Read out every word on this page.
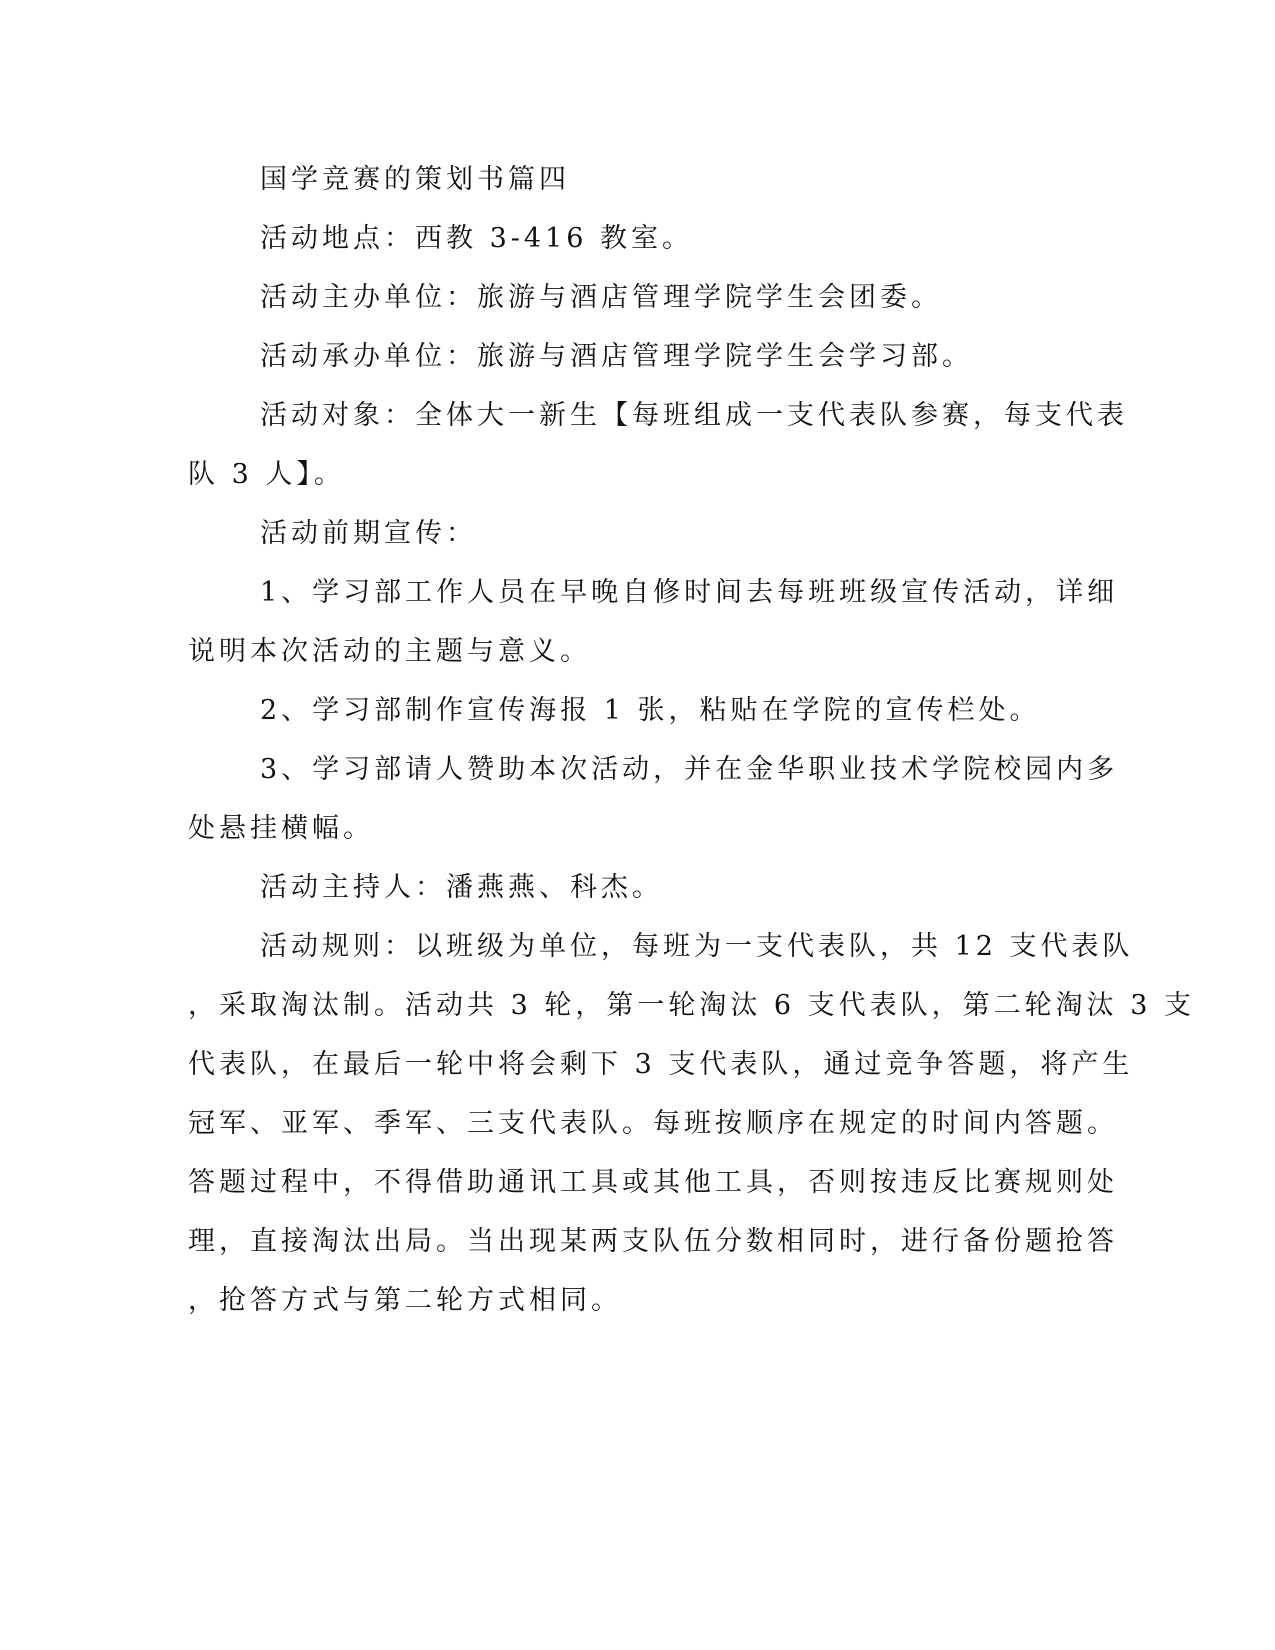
国学竞赛的策划书篇四
活动地点：西教 3-416 教室。
活动主办单位：旅游与酒店管理学院学生会团委。
活动承办单位：旅游与酒店管理学院学生会学习部。
活动对象：全体大一新生【每班组成一支代表队参赛，每支代表
队 3 人】。
活动前期宣传：
1、学习部工作人员在早晚自修时间去每班班级宣传活动，详细
说明本次活动的主题与意义。
2、学习部制作宣传海报 1 张，粘贴在学院的宣传栏处。
3、学习部请人赞助本次活动，并在金华职业技术学院校园内多
处悬挂横幅。
活动主持人：潘燕燕、科杰。
活动规则：以班级为单位，每班为一支代表队，共 12 支代表队
，采取淘汰制。活动共 3 轮，第一轮淘汰 6 支代表队，第二轮淘汰 3 支
代表队，在最后一轮中将会剩下 3 支代表队，通过竞争答题，将产生
冠军、亚军、季军、三支代表队。每班按顺序在规定的时间内答题。
答题过程中，不得借助通讯工具或其他工具，否则按违反比赛规则处
理，直接淘汰出局。当出现某两支队伍分数相同时，进行备份题抢答
，抢答方式与第二轮方式相同。
